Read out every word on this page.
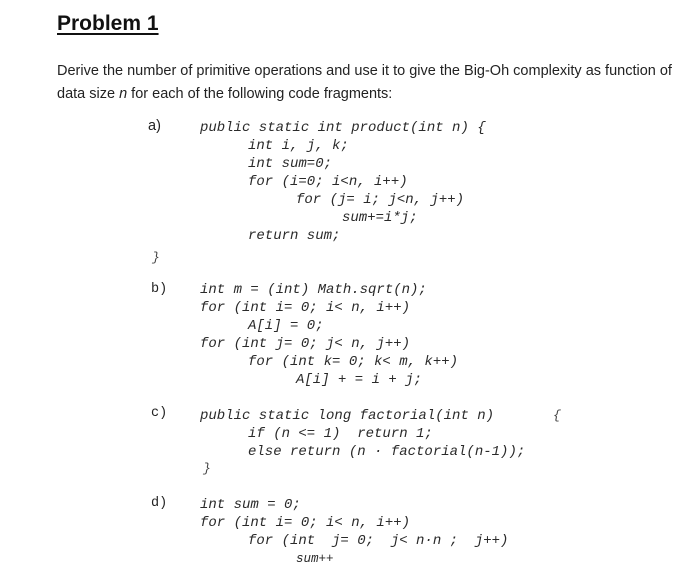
Problem 1

Derive the number of primitive operations and use it to give the Big-Oh complexity as function of data size n for each of the following code fragments:

a)	public static int product(int n) {

int i, j, k;

int sum=0;

for (i=0; i<n, i++)

for (j= i; j<n, j++)

sum+=i*j;

return sum;

}

b) int m = (int) Math.sqrt(n);

for (int i= 0; i< n, i++)

A[i] = 0;

for (int j= 0; j< n, j++)

for (int k= 0; k< m, k++)

A[i] + = i + j;

c) public static long factorial(int n)	{

if (n <= 1)  return 1;

else return (n · factorial(n-1));

}

d) int sum = 0;

for (int i= 0; i< n, i++)

for (int  j= 0;  j< n·n ;  j++)

sum++
